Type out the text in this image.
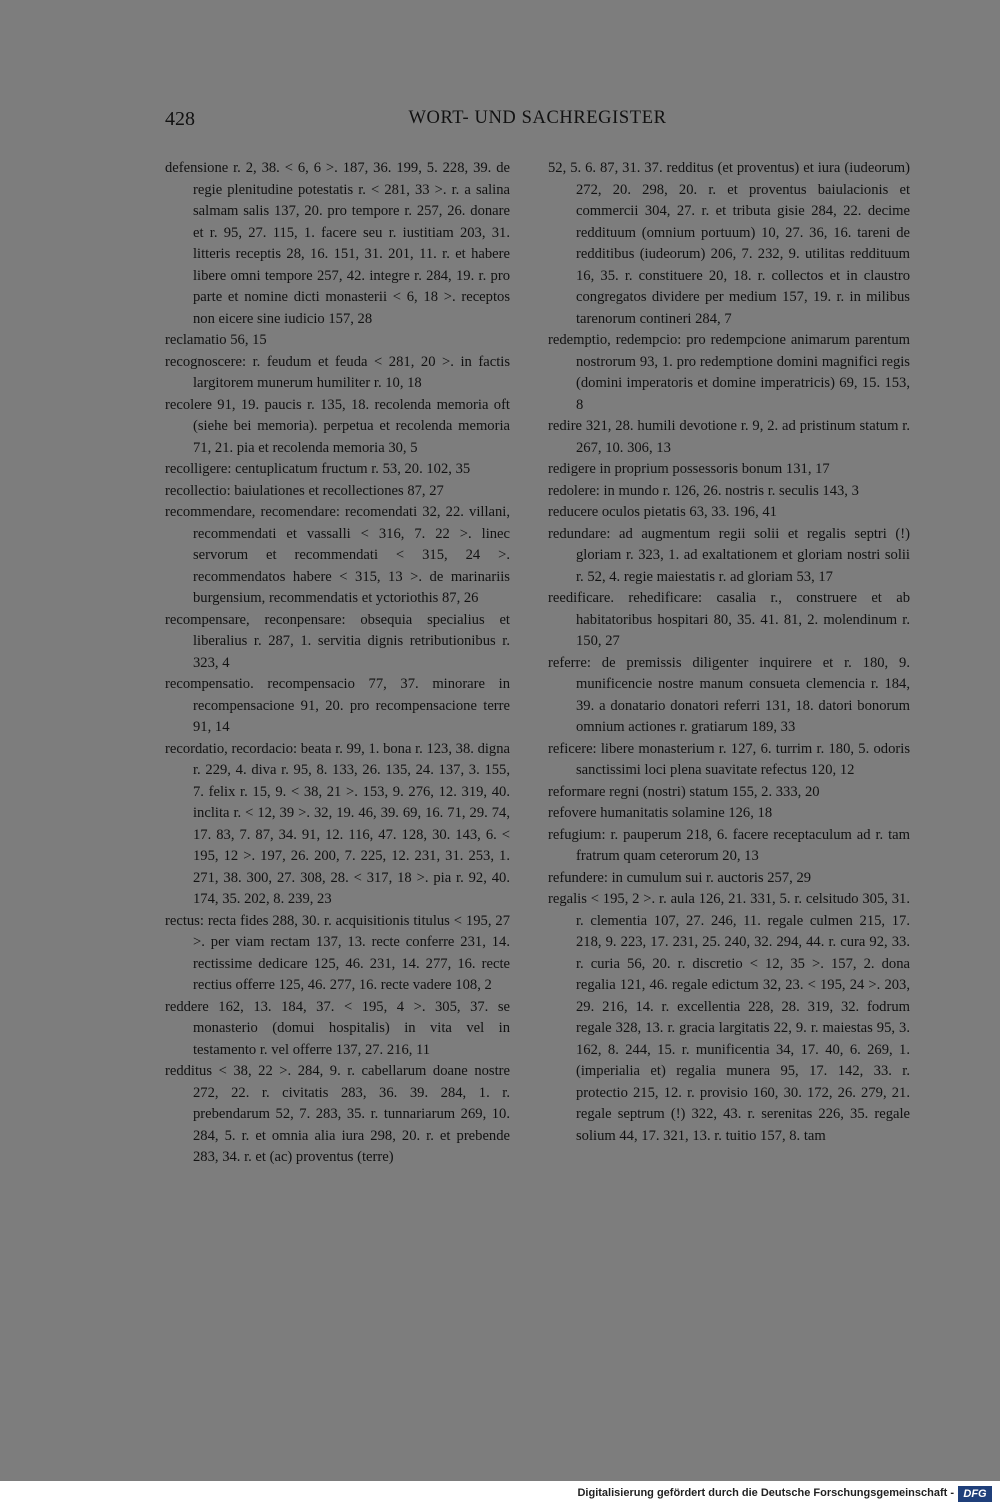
428	WORT- UND SACHREGISTER

defensione r. 2, 38. < 6, 6 >. 187, 36. 199, 5. 228, 39. de regie plenitudine potestatis r. < 281, 33 >. r. a salina salmam salis 137, 20. pro tempore r. 257, 26. donare et r. 95, 27. 115, 1. facere seu r. iustitiam 203, 31. litteris receptis 28, 16. 151, 31. 201, 11. r. et habere libere omni tempore 257, 42. integre r. 284, 19. r. pro parte et nomine dicti monasterii < 6, 18 >. receptos non eicere sine iudicio 157, 28

reclamatio 56, 15

recognoscere: r. feudum et feuda < 281, 20 >. in factis largitorem munerum humiliter r. 10, 18

recolere 91, 19. paucis r. 135, 18. recolenda memoria oft (siehe bei memoria). perpetua et recolenda memoria 71, 21. pia et recolenda memoria 30, 5

recolligere: centuplicatum fructum r. 53, 20. 102, 35

recollectio: baiulationes et recollectiones 87, 27

recommendare, recomendare: recomendati 32, 22. villani, recommendati et vassalli < 316, 7. 22 >. linec servorum et recommendati < 315, 24 >. recommendatos habere < 315, 13 >. de marinariis burgensium, recommendatis et yctoriothis 87, 26

recompensare, reconpensare: obsequia specialius et liberalius r. 287, 1. servitia dignis retributionibus r. 323, 4

recompensatio. recompensacio 77, 37. minorare in recompensacione 91, 20. pro recompensacione terre 91, 14

recordatio, recordacio: beata r. 99, 1. bona r. 123, 38. digna r. 229, 4. diva r. 95, 8. 133, 26. 135, 24. 137, 3. 155, 7. felix r. 15, 9. < 38, 21 >. 153, 9. 276, 12. 319, 40. inclita r. < 12, 39 >. 32, 19. 46, 39. 69, 16. 71, 29. 74, 17. 83, 7. 87, 34. 91, 12. 116, 47. 128, 30. 143, 6. < 195, 12 >. 197, 26. 200, 7. 225, 12. 231, 31. 253, 1. 271, 38. 300, 27. 308, 28. < 317, 18 >. pia r. 92, 40. 174, 35. 202, 8. 239, 23

rectus: recta fides 288, 30. r. acquisitionis titulus < 195, 27 >. per viam rectam 137, 13. recte conferre 231, 14. rectissime dedicare 125, 46. 231, 14. 277, 16. recte rectius offerre 125, 46. 277, 16. recte vadere 108, 2

reddere 162, 13. 184, 37. < 195, 4 >. 305, 37. se monasterio (domui hospitalis) in vita vel in testamento r. vel offerre 137, 27. 216, 11

redditus < 38, 22 >. 284, 9. r. cabellarum doane nostre 272, 22. r. civitatis 283, 36. 39. 284, 1. r. prebendarum 52, 7. 283, 35. r. tunnariarum 269, 10. 284, 5. r. et omnia alia iura 298, 20. r. et prebende 283, 34. r. et (ac) proventus (terre)

52, 5. 6. 87, 31. 37. redditus (et proventus) et iura (iudeorum) 272, 20. 298, 20. r. et proventus baiulacionis et commercii 304, 27. r. et tributa gisie 284, 22. decime reddituum (omnium portuum) 10, 27. 36, 16. tareni de redditibus (iudeorum) 206, 7. 232, 9. utilitas reddituum 16, 35. r. constituere 20, 18. r. collectos et in claustro congregatos dividere per medium 157, 19. r. in milibus tarenorum contineri 284, 7

redemptio, redempcio: pro redempcione animarum parentum nostrorum 93, 1. pro redemptione domini magnifici regis (domini imperatoris et domine imperatricis) 69, 15. 153, 8

redire 321, 28. humili devotione r. 9, 2. ad pristinum statum r. 267, 10. 306, 13

redigere in proprium possessoris bonum 131, 17

redolere: in mundo r. 126, 26. nostris r. seculis 143, 3

reducere oculos pietatis 63, 33. 196, 41

redundare: ad augmentum regii solii et regalis septri (!) gloriam r. 323, 1. ad exaltationem et gloriam nostri solii r. 52, 4. regie maiestatis r. ad gloriam 53, 17

reedificare. rehedificare: casalia r., construere et ab habitatoribus hospitari 80, 35. 41. 81, 2. molendinum r. 150, 27

referre: de premissis diligenter inquirere et r. 180, 9. munificencie nostre manum consueta clemencia r. 184, 39. a donatario donatori referri 131, 18. datori bonorum omnium actiones r. gratiarum 189, 33

reficere: libere monasterium r. 127, 6. turrim r. 180, 5. odoris sanctissimi loci plena suavitate refectus 120, 12

reformare regni (nostri) statum 155, 2. 333, 20

refovere humanitatis solamine 126, 18

refugium: r. pauperum 218, 6. facere receptaculum ad r. tam fratrum quam ceterorum 20, 13

refundere: in cumulum sui r. auctoris 257, 29

regalis < 195, 2 >. r. aula 126, 21. 331, 5. r. celsitudo 305, 31. r. clementia 107, 27. 246, 11. regale culmen 215, 17. 218, 9. 223, 17. 231, 25. 240, 32. 294, 44. r. cura 92, 33. r. curia 56, 20. r. discretio < 12, 35 >. 157, 2. dona regalia 121, 46. regale edictum 32, 23. < 195, 24 >. 203, 29. 216, 14. r. excellentia 228, 28. 319, 32. fodrum regale 328, 13. r. gracia largitatis 22, 9. r. maiestas 95, 3. 162, 8. 244, 15. r. munificentia 34, 17. 40, 6. 269, 1. (imperialia et) regalia munera 95, 17. 142, 33. r. protectio 215, 12. r. provisio 160, 30. 172, 26. 279, 21. regale septrum (!) 322, 43. r. serenitas 226, 35. regale solium 44, 17. 321, 13. r. tuitio 157, 8. tam

Digitalisierung gefördert durch die Deutsche Forschungsgemeinschaft - DFG
